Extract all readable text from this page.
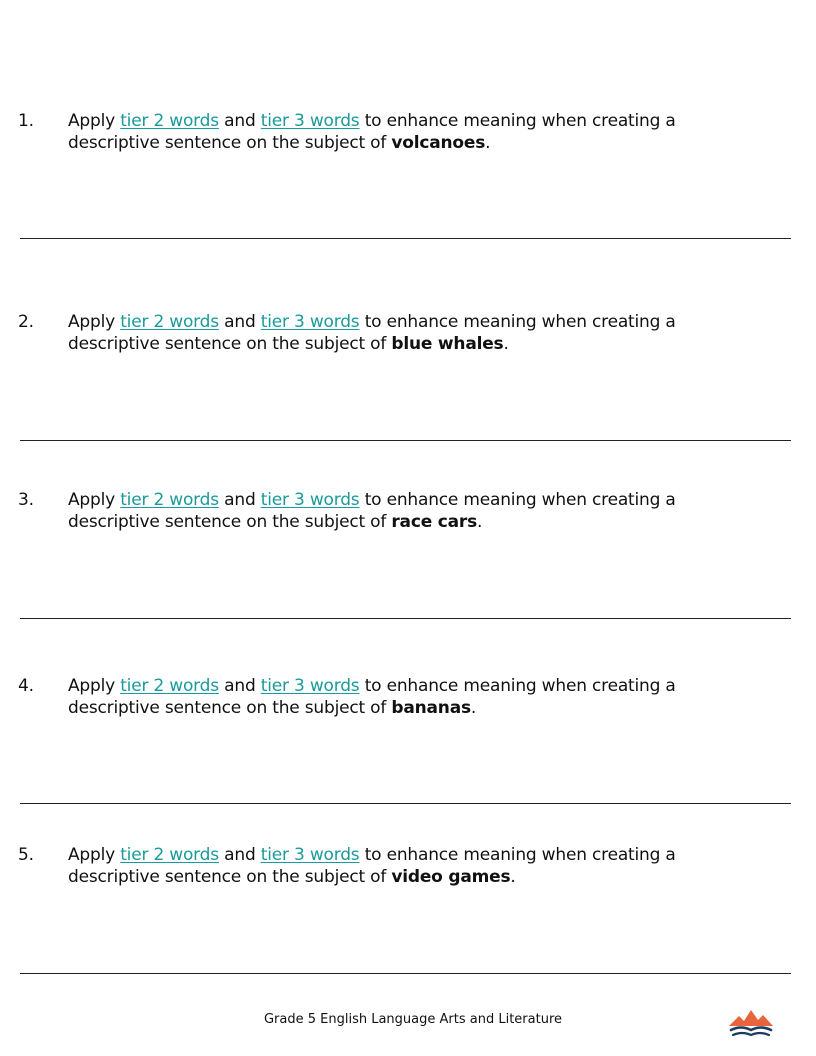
1. Apply tier 2 words and tier 3 words to enhance meaning when creating a descriptive sentence on the subject of volcanoes.
2. Apply tier 2 words and tier 3 words to enhance meaning when creating a descriptive sentence on the subject of blue whales.
3. Apply tier 2 words and tier 3 words to enhance meaning when creating a descriptive sentence on the subject of race cars.
4. Apply tier 2 words and tier 3 words to enhance meaning when creating a descriptive sentence on the subject of bananas.
5. Apply tier 2 words and tier 3 words to enhance meaning when creating a descriptive sentence on the subject of video games.
Grade 5 English Language Arts and Literature
